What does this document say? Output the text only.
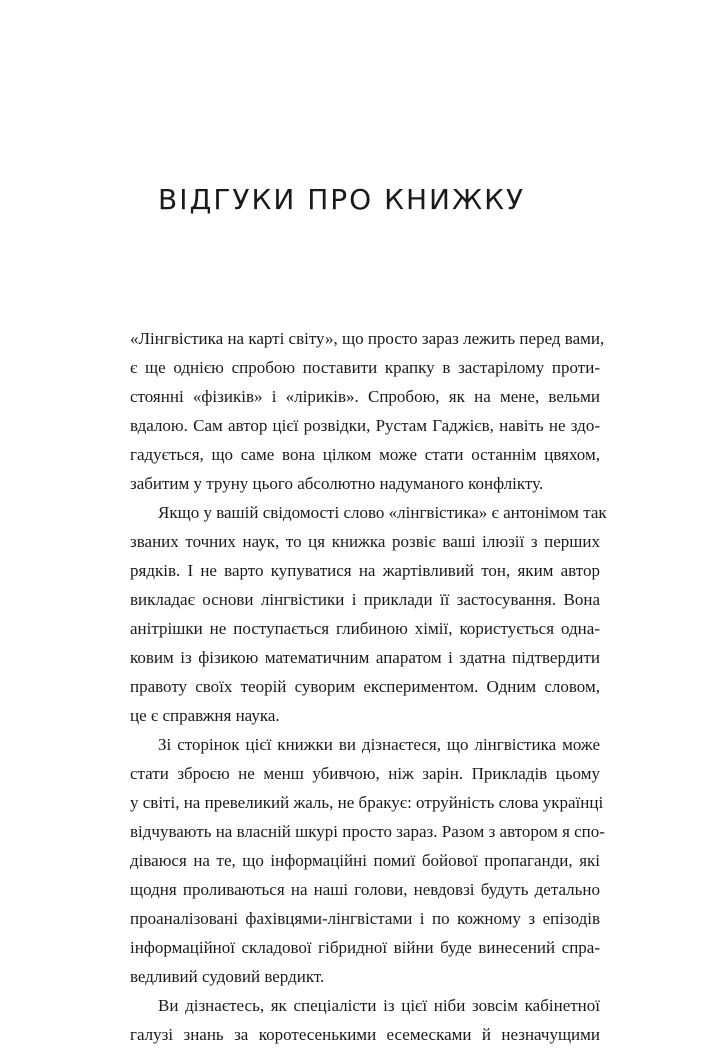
ВІДГУКИ ПРО КНИЖКУ

«Лінгвістика на карті світу», що просто зараз лежить перед вами,
є ще однією спробою поставити крапку в застарілому проти-
стоянні «фізиків» і «ліриків». Спробою, як на мене, вельми
вдалою. Сам автор цієї розвідки, Рустам Гаджієв, навіть не здо-
гадується, що саме вона цілком може стати останнім цвяхом,
забитим у труну цього абсолютно надуманого конфлікту.

Якщо у вашій свідомості слово «лінгвістика» є антонімом так
званих точних наук, то ця книжка розвіє ваші ілюзії з перших
рядків. І не варто купуватися на жартівливий тон, яким автор
викладає основи лінгвістики і приклади її застосування. Вона
анітрішки не поступається глибиною хімії, користується одна-
ковим із фізикою математичним апаратом і здатна підтвердити
правоту своїх теорій суворим експериментом. Одним словом,
це є справжня наука.

Зі сторінок цієї книжки ви дізнаєтеся, що лінгвістика може
стати зброєю не менш убивчою, ніж зарін. Прикладів цьому
у світі, на превеликий жаль, не бракує: отруйність слова українці
відчувають на власній шкурі просто зараз. Разом з автором я спо-
діваюся на те, що інформаційні помиї бойової пропаганди, які
щодня проливаються на наші голови, невдовзі будуть детально
проаналізовані фахівцями-лінгвістами і по кожному з епізодів
інформаційної складової гібридної війни буде винесений спра-
ведливий судовий вердикт.

Ви дізнаєтесь, як спеціалісти із цієї ніби зовсім кабінетної
галузі знань за коротесенькими есемесками й незначущими
